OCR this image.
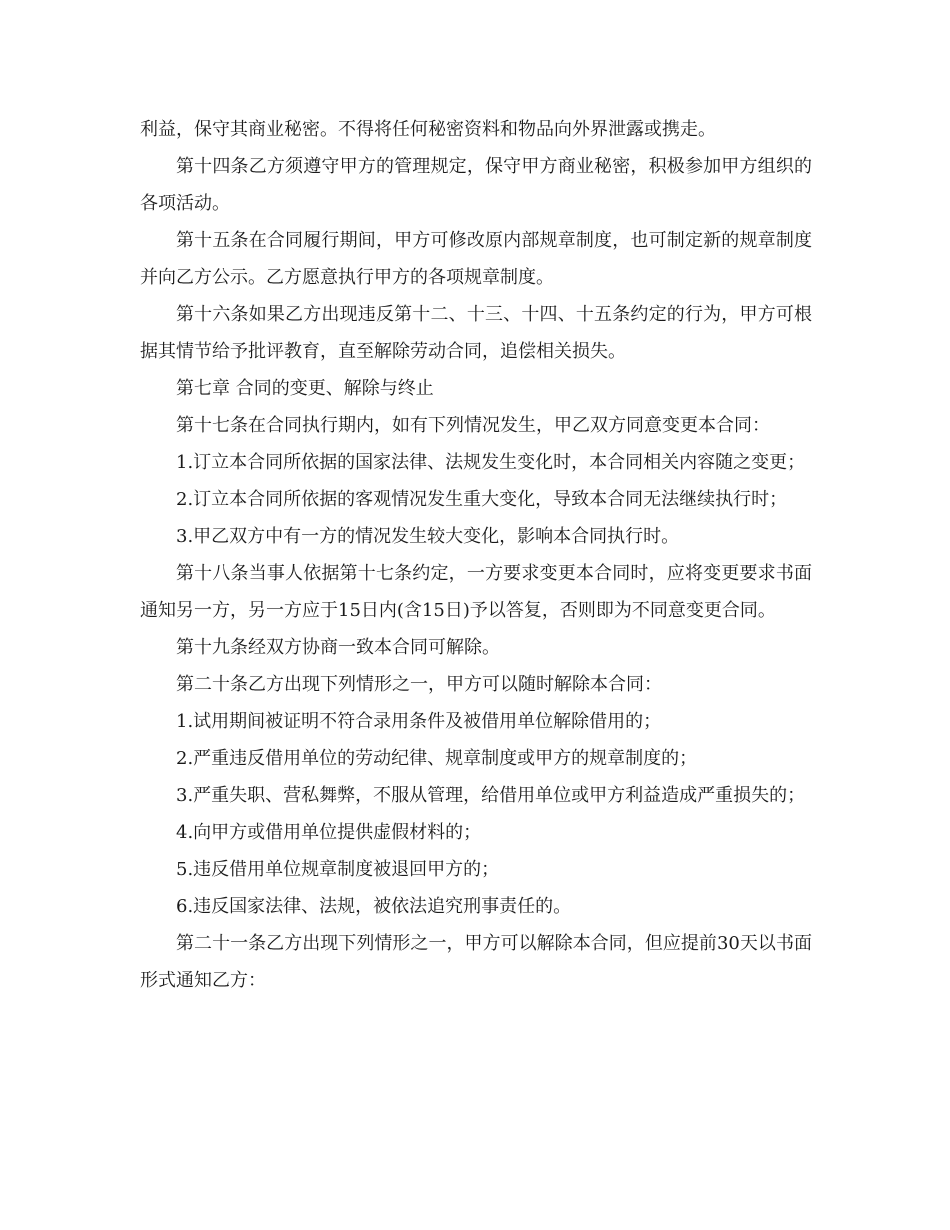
利益，保守其商业秘密。不得将任何秘密资料和物品向外界泄露或携走。

第十四条乙方须遵守甲方的管理规定，保守甲方商业秘密，积极参加甲方组织的各项活动。

第十五条在合同履行期间，甲方可修改原内部规章制度，也可制定新的规章制度并向乙方公示。乙方愿意执行甲方的各项规章制度。

第十六条如果乙方出现违反第十二、十三、十四、十五条约定的行为，甲方可根据其情节给予批评教育，直至解除劳动合同，追偿相关损失。

第七章 合同的变更、解除与终止

第十七条在合同执行期内，如有下列情况发生，甲乙双方同意变更本合同：

1.订立本合同所依据的国家法律、法规发生变化时，本合同相关内容随之变更；

2.订立本合同所依据的客观情况发生重大变化，导致本合同无法继续执行时；

3.甲乙双方中有一方的情况发生较大变化，影响本合同执行时。

第十八条当事人依据第十七条约定，一方要求变更本合同时，应将变更要求书面通知另一方，另一方应于15日内(含15日)予以答复，否则即为不同意变更合同。

第十九条经双方协商一致本合同可解除。

第二十条乙方出现下列情形之一，甲方可以随时解除本合同：

1.试用期间被证明不符合录用条件及被借用单位解除借用的；

2.严重违反借用单位的劳动纪律、规章制度或甲方的规章制度的；

3.严重失职、营私舞弊，不服从管理，给借用单位或甲方利益造成严重损失的；

4.向甲方或借用单位提供虚假材料的；

5.违反借用单位规章制度被退回甲方的；

6.违反国家法律、法规，被依法追究刑事责任的。

第二十一条乙方出现下列情形之一，甲方可以解除本合同，但应提前30天以书面形式通知乙方：
